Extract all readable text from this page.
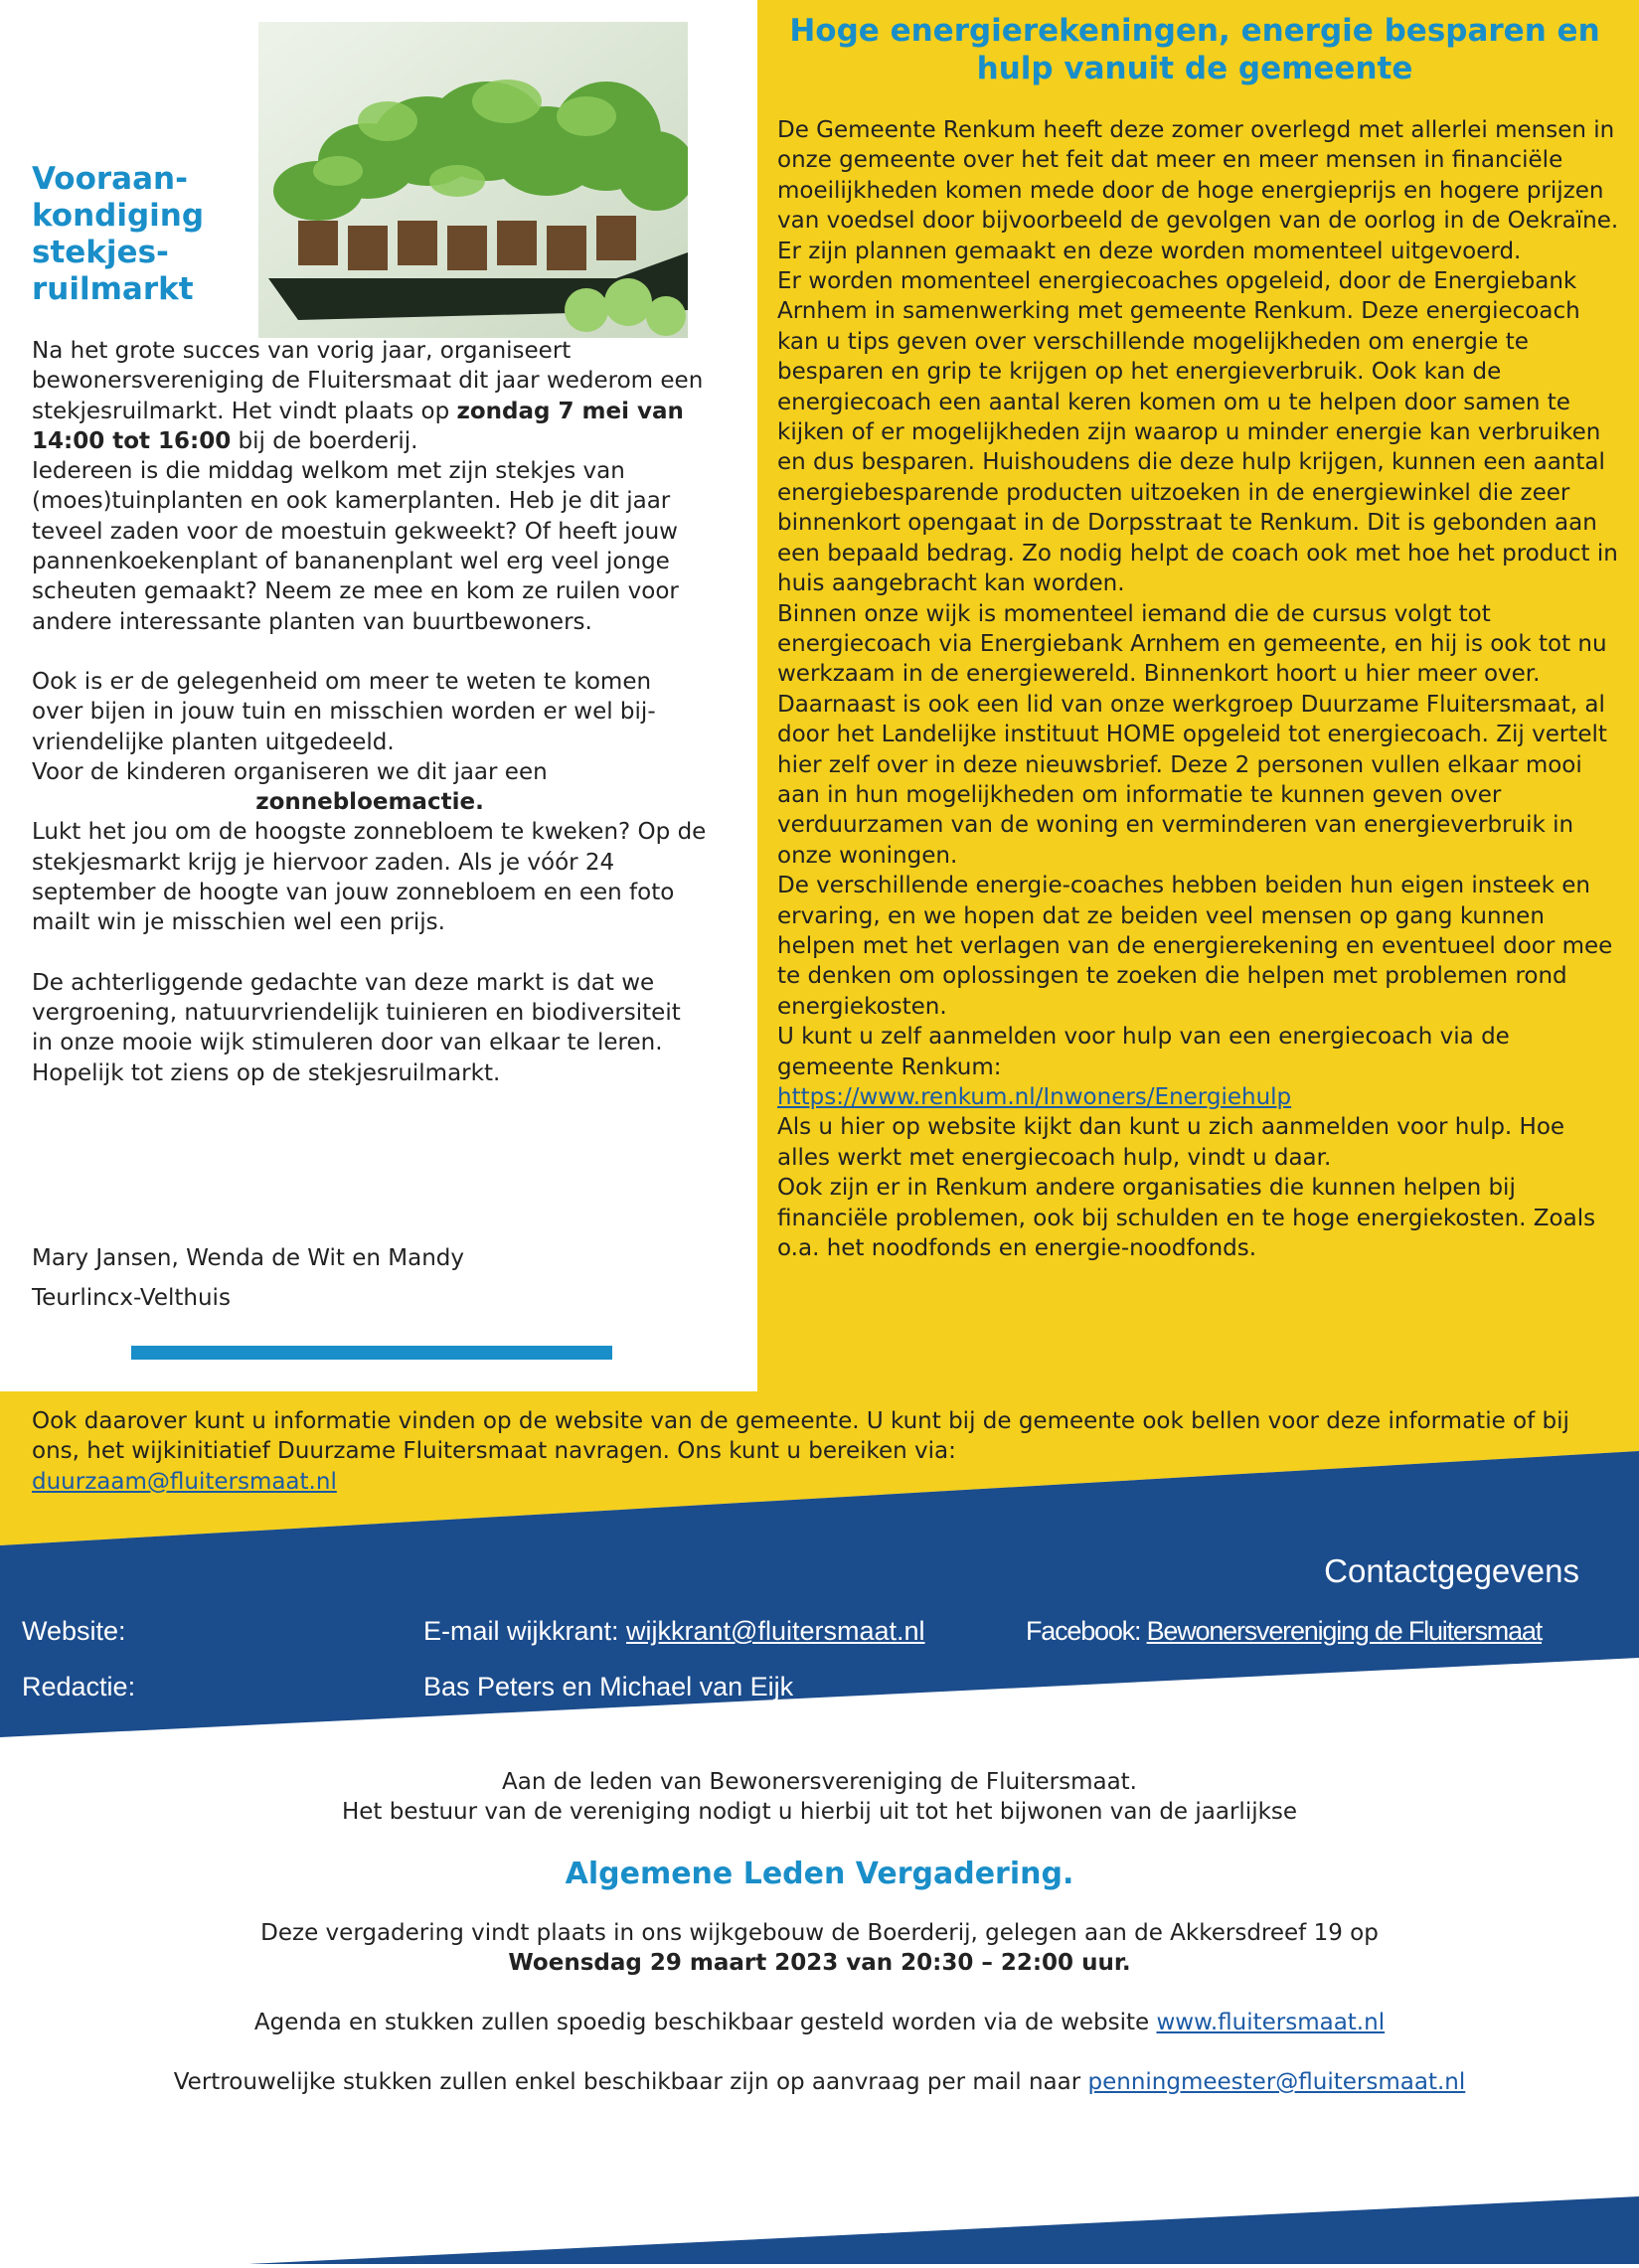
Vooraan-
kondiging
stekjes-
ruilmarkt

Na het grote succes van vorig jaar, organiseert bewonersvereniging de Fluitersmaat dit jaar wederom een stekjesruilmarkt. Het vindt plaats op zondag 7 mei van 14:00 tot 16:00 bij de boerderij.

Iedereen is die middag welkom met zijn stekjes van (moes)tuinplanten en ook kamerplanten. Heb je dit jaar teveel zaden voor de moestuin gekweekt? Of heeft jouw pannenkoekenplant of bananenplant wel erg veel jonge scheuten gemaakt? Neem ze mee en kom ze ruilen voor andere interessante planten van buurtbewoners.

Ook is er de gelegenheid om meer te weten te komen over bijen in jouw tuin en misschien worden er wel bij-vriendelijke planten uitgedeeld.

Voor de kinderen organiseren we dit jaar een

zonnebloemactie.

Lukt het jou om de hoogste zonnebloem te kweken? Op de stekjesmarkt krijg je hiervoor zaden. Als je vóór 24 september de hoogte van jouw zonnebloem en een foto mailt win je misschien wel een prijs.

De achterliggende gedachte van deze markt is dat we vergroening, natuurvriendelijk tuinieren en biodiversiteit in onze mooie wijk stimuleren door van elkaar te leren. Hopelijk tot ziens op de stekjesruilmarkt.

Mary Jansen, Wenda de Wit en Mandy
Teurlincx-Velthuis
Hoge energierekeningen, energie besparen en hulp vanuit de gemeente

De Gemeente Renkum heeft deze zomer overlegd met allerlei mensen in onze gemeente over het feit dat meer en meer mensen in financiële moeilijkheden komen mede door de hoge energieprijs en hogere prijzen van voedsel door bijvoorbeeld de gevolgen van de oorlog in de Oekraïne.

Er zijn plannen gemaakt en deze worden momenteel uitgevoerd.

Er worden momenteel energiecoaches opgeleid, door de Energiebank Arnhem in samenwerking met gemeente Renkum. Deze energiecoach kan u tips geven over verschillende mogelijkheden om energie te besparen en grip te krijgen op het energieverbruik. Ook kan de energiecoach een aantal keren komen om u te helpen door samen te kijken of er mogelijkheden zijn waarop u minder energie kan verbruiken en dus besparen. Huishoudens die deze hulp krijgen, kunnen een aantal energiebesparende producten uitzoeken in de energiewinkel die zeer binnenkort opengaat in de Dorpsstraat te Renkum. Dit is gebonden aan een bepaald bedrag. Zo nodig helpt de coach ook met hoe het product in huis aangebracht kan worden.

Binnen onze wijk is momenteel iemand die de cursus volgt tot energiecoach via Energiebank Arnhem en gemeente, en hij is ook tot nu werkzaam in de energiewereld. Binnenkort hoort u hier meer over.

Daarnaast is ook een lid van onze werkgroep Duurzame Fluitersmaat, al door het Landelijke instituut HOME opgeleid tot energiecoach. Zij vertelt hier zelf over in deze nieuwsbrief. Deze 2 personen vullen elkaar mooi aan in hun mogelijkheden om informatie te kunnen geven over verduurzamen van de woning en verminderen van energieverbruik in onze woningen.

De verschillende energie-coaches hebben beiden hun eigen insteek en ervaring, en we hopen dat ze beiden veel mensen op gang kunnen helpen met het verlagen van de energierekening en eventueel door mee te denken om oplossingen te zoeken die helpen met problemen rond energiekosten.

U kunt u zelf aanmelden voor hulp van een energiecoach via de gemeente Renkum:

https://www.renkum.nl/Inwoners/Energiehulp

Als u hier op website kijkt dan kunt u zich aanmelden voor hulp. Hoe alles werkt met energiecoach hulp, vindt u daar.

Ook zijn er in Renkum andere organisaties die kunnen helpen bij financiële problemen, ook bij schulden en te hoge energiekosten. Zoals o.a. het noodfonds en energie-noodfonds.

Ook daarover kunt u informatie vinden op de website van de gemeente. U kunt bij de gemeente ook bellen voor deze informatie of bij ons, het wijkinitiatief Duurzame Fluitersmaat navragen. Ons kunt u bereiken via:
duurzaam@fluitersmaat.nl
Contactgegevens
Website:	E-mail wijkkrant: wijkkrant@fluitersmaat.nl	Facebook: Bewonersvereniging de Fluitersmaat
Redactie:	Bas Peters en Michael van Eijk

Aan de leden van Bewonersvereniging de Fluitersmaat.

Het bestuur van de vereniging nodigt u hierbij uit tot het bijwonen van de jaarlijkse

Algemene Leden Vergadering.

Deze vergadering vindt plaats in ons wijkgebouw de Boerderij, gelegen aan de Akkersdreef 19 op

Woensdag 29 maart 2023 van 20:30 – 22:00 uur.

Agenda en stukken zullen spoedig beschikbaar gesteld worden via de website www.fluitersmaat.nl

Vertrouwelijke stukken zullen enkel beschikbaar zijn op aanvraag per mail naar penningmeester@fluitersmaat.nl
